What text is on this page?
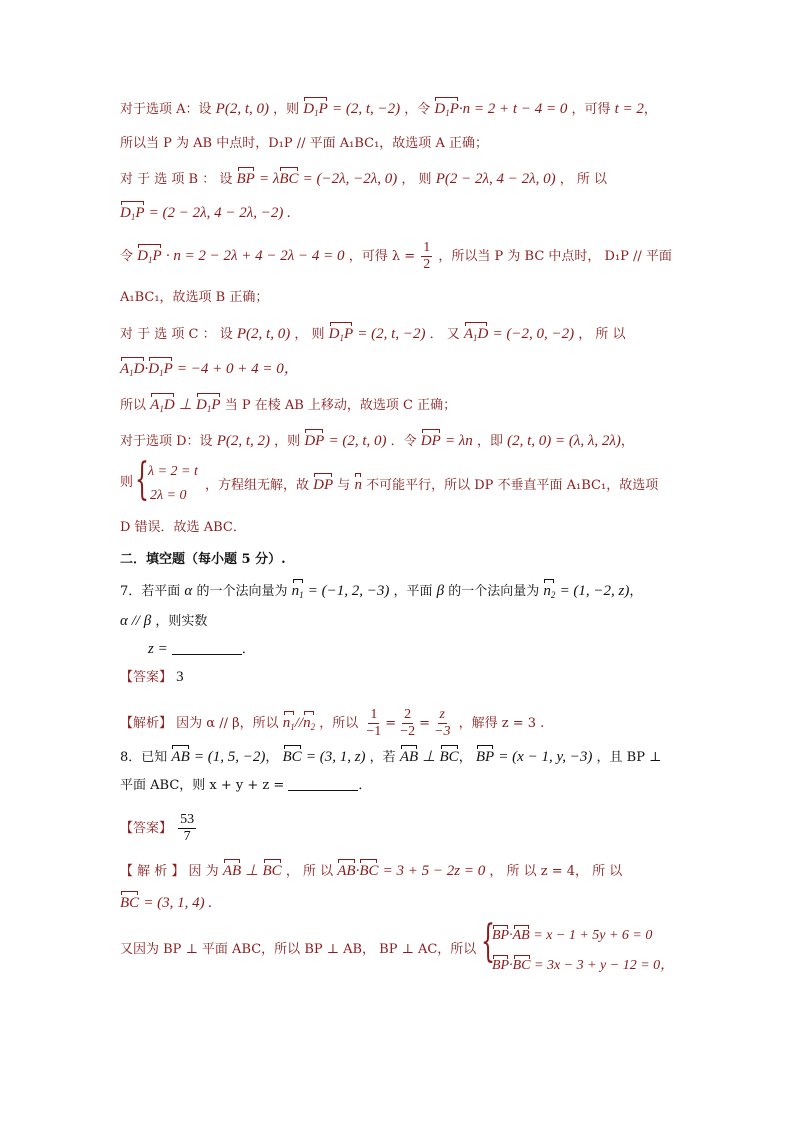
对于选项 A：设 P(2, t, 0) ，则 $D_1P = (2$, t, −2) ，令 $D_1P\cdot n = 2 + t - 4 = 0$ ，可得 t = 2，
所以当 P 为 AB 中点时，D₁P // 平面 A₁BC₁，故选项 A 正确；
对 于 选 项 B ： 设 BP = λBC = (−2λ, −2λ, 0) ， 则 P(2 − 2λ, 4 − 2λ, 0) ， 所 以
$D_1P = (2 - 2\lambda$, 4 − 2λ, −2) .
令 $D_1P \cdot n = 2 - 2\lambda + 4 - 2\lambda - 4 = 0$ ，可得 $\lambda = \frac{1}{2}$ ，所以当 P 为 BC 中点时， D₁P // 平面
A₁BC₁，故选项 B 正确；
对 于 选 项 C ： 设 P(2, t, 0) ， 则 $D_1P = (2$, t, −2) ． 又 $A_1D = (-2$, 0, −2) ， 所 以
$A_1D\cdot D_1P = -4 + 0 + 4 = 0$，
所以 $A_1D$ ⊥ $D_1P$ 当 P 在棱 AB 上移动，故选项 C 正确；
对于选项 D：设 P(2, t, 2) ，则 DP = (2, t, 0) ．令 DP = λn ，即 (2, t, 0) = (λ, λ, 2λ)，
则 { λ = 2 = t
2λ = 0
，方程组无解，故 DP 与 n 不可能平行，所以 DP 不垂直平面 A₁BC₁，故选项
D 错误．故选 ABC．
二．填空题（每小题 5 分）.
7．若平面 α 的一个法向量为 $n_1 = (-1$, 2, −3) ，平面 β 的一个法向量为 $n_2 = (1$, −2, z)，
α // β ，则实数
z =	．
【答案】 3
【解析】 因为 α // β，所以 $n_1//n_2$ ，所以 $\frac{1}{-1} = \frac{2}{-2} = \frac{z}{-3}$ ，解得 z = 3 .
8．已知 AB = (1, 5, −2)， BC = (3, 1, z) ，若 AB ⊥ BC， BP = (x − 1, y, −3) ，且 BP ⊥
平面 ABC，则 x + y + z =	．
【答案】 $\frac{53}{7}$
【 解 析 】 因 为 AB ⊥ BC ， 所 以 AB·BC = 3 + 5 − 2z = 0 ， 所 以 z = 4， 所 以
BC = (3, 1, 4) .
又因为 BP ⊥ 平面 ABC，所以 BP ⊥ AB， BP ⊥ AC，所以 {
BP·AB = x − 1 + 5y + 6 = 0
BP·BC = 3x − 3 + y − 12 = 0，
